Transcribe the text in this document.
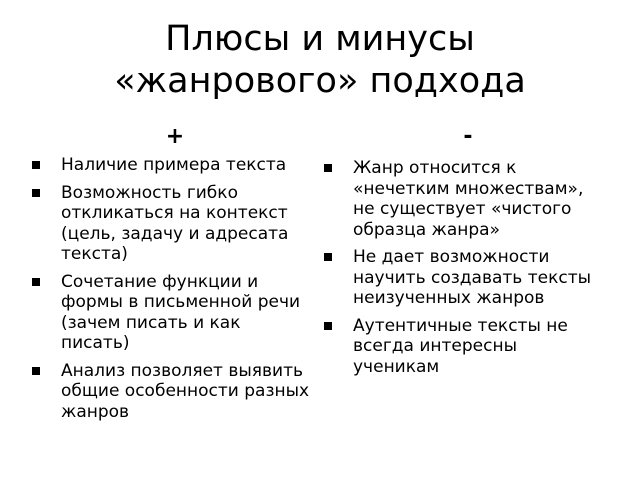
Плюсы и минусы
«жанрового» подхода
+	-
Наличие примера текста
Возможность гибко откликаться на контекст (цель, задачу и адресата текста)
Сочетание функции и формы в письменной речи (зачем писать и как писать)
Анализ позволяет выявить общие особенности разных жанров
Жанр относится к «нечетким множествам», не существует «чистого образца жанра»
Не дает возможности научить создавать тексты неизученных жанров
Аутентичные тексты не всегда интересны ученикам
